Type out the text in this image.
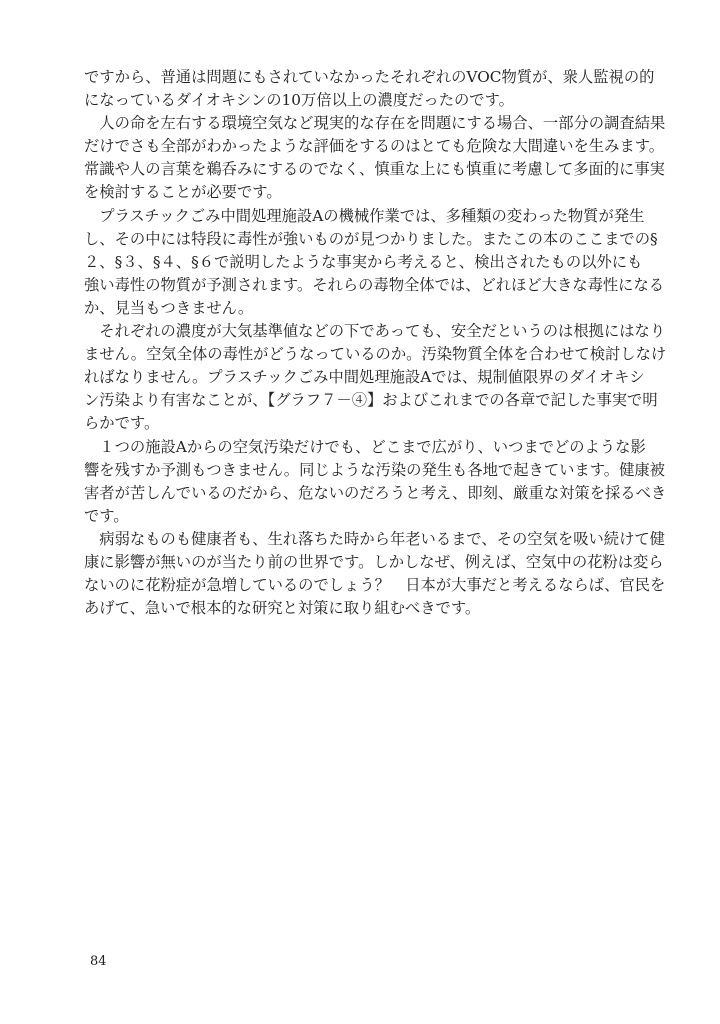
ですから、普通は問題にもされていなかったそれぞれのVOC物質が、衆人監視の的
になっているダイオキシンの10万倍以上の濃度だったのです。
　人の命を左右する環境空気など現実的な存在を問題にする場合、一部分の調査結果
だけでさも全部がわかったような評価をするのはとても危険な大間違いを生みます。
常識や人の言葉を鵜呑みにするのでなく、慎重な上にも慎重に考慮して多面的に事実
を検討することが必要です。
　プラスチックごみ中間処理施設Aの機械作業では、多種類の変わった物質が発生
し、その中には特段に毒性が強いものが見つかりました。またこの本のここまでの§
２、§３、§４、§６で説明したような事実から考えると、検出されたもの以外にも
強い毒性の物質が予測されます。それらの毒物全体では、どれほど大きな毒性になる
か、見当もつきません。
　それぞれの濃度が大気基準値などの下であっても、安全だというのは根拠にはなり
ません。空気全体の毒性がどうなっているのか。汚染物質全体を合わせて検討しなけ
ればなりません。プラスチックごみ中間処理施設Aでは、規制値限界のダイオキシ
ン汚染より有害なことが、【グラフ７－④】およびこれまでの各章で記した事実で明
らかです。
　１つの施設Aからの空気汚染だけでも、どこまで広がり、いつまでどのような影
響を残すか予測もつきません。同じような汚染の発生も各地で起きています。健康被
害者が苦しんでいるのだから、危ないのだろうと考え、即刻、厳重な対策を採るべき
です。
　病弱なものも健康者も、生れ落ちた時から年老いるまで、その空気を吸い続けて健
康に影響が無いのが当たり前の世界です。しかしなぜ、例えば、空気中の花粉は変ら
ないのに花粉症が急増しているのでしょう？　日本が大事だと考えるならば、官民を
あげて、急いで根本的な研究と対策に取り組むべきです。
84
